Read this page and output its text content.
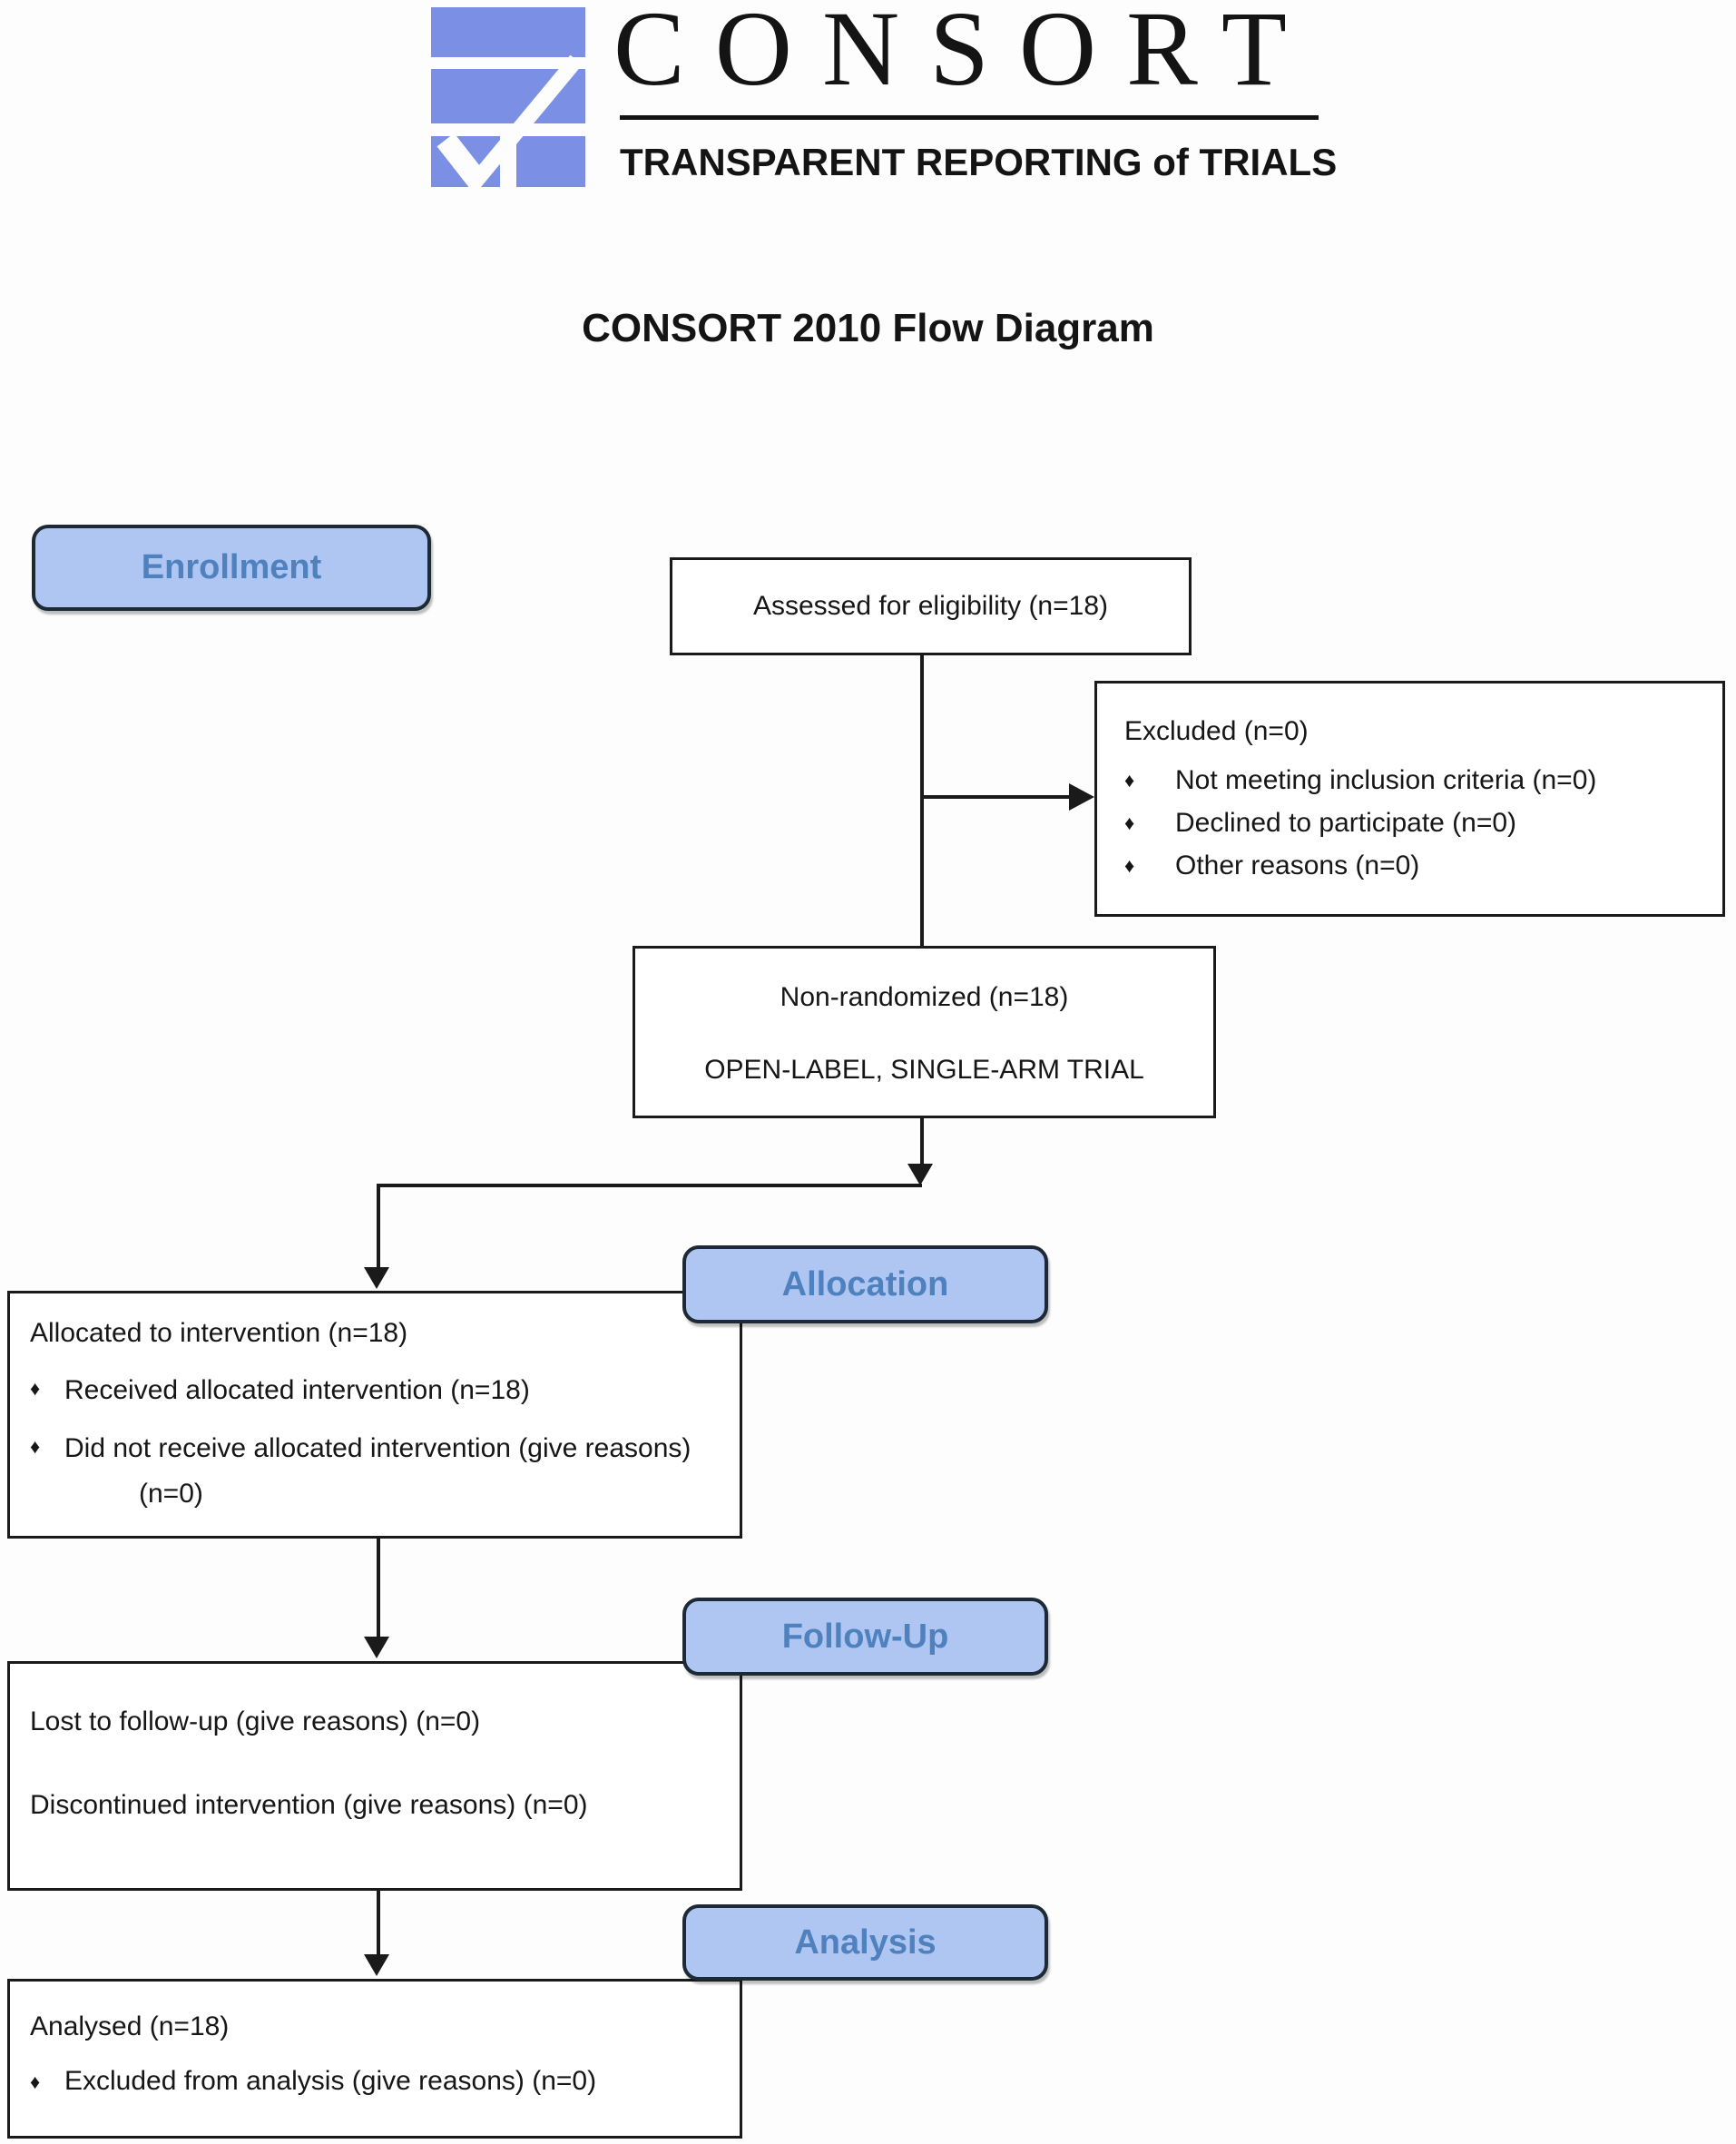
CONSORT
TRANSPARENT REPORTING of TRIALS
CONSORT 2010 Flow Diagram
Enrollment
Allocation
Follow-Up
Analysis
Assessed for eligibility (n=18)
Excluded (n=0)
♦	Not meeting inclusion criteria (n=0)
♦	Declined to participate (n=0)
♦	Other reasons (n=0)
Non-randomized (n=18)
OPEN-LABEL, SINGLE-ARM TRIAL
Allocated to intervention (n=18)
♦ Received allocated intervention (n=18)
♦ Did not receive allocated intervention (give reasons) (n=0)
Lost to follow-up (give reasons) (n=0)
Discontinued intervention (give reasons) (n=0)
Analysed (n=18)
♦ Excluded from analysis (give reasons) (n=0)
